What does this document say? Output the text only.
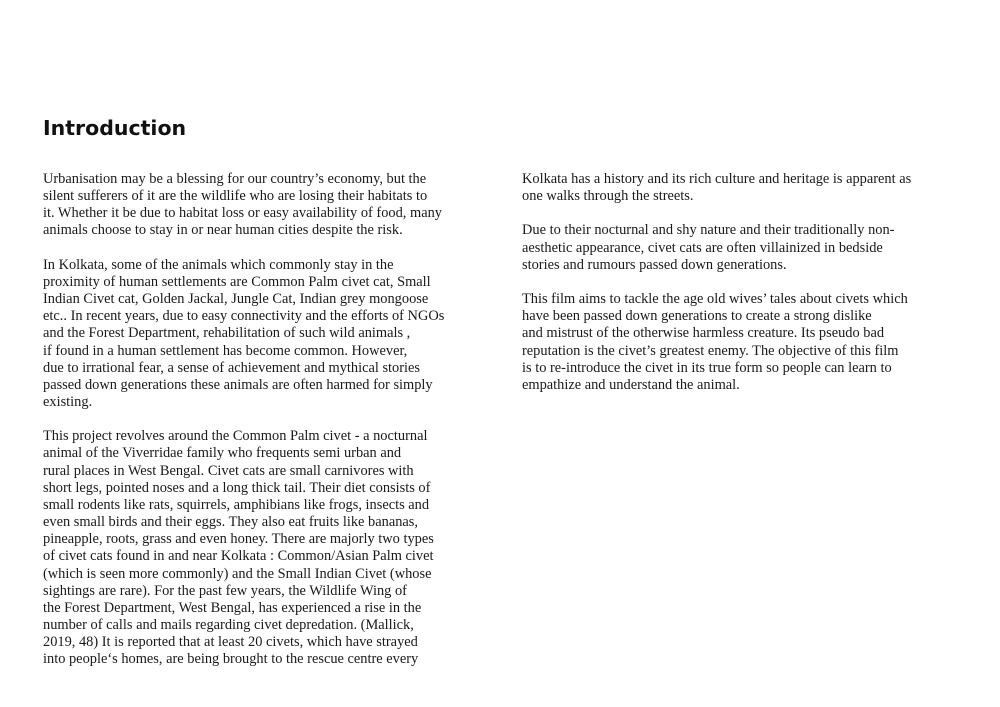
Introduction

Urbanisation may be a blessing for our country’s economy, but the
silent sufferers of it are the wildlife who are losing their habitats to
it. Whether it be due to habitat loss or easy availability of food, many
animals choose to stay in or near human cities despite the risk.

In Kolkata, some of the animals which commonly stay in the
proximity of human settlements are Common Palm civet cat, Small
Indian Civet cat, Golden Jackal, Jungle Cat, Indian grey mongoose
etc.. In recent years, due to easy connectivity and the efforts of NGOs
and the Forest Department, rehabilitation of such wild animals ,
if found in a human settlement has become common. However,
due to irrational fear, a sense of achievement and mythical stories
passed down generations these animals are often harmed for simply
existing.

This project revolves around the Common Palm civet - a nocturnal
animal of the Viverridae family who frequents semi urban and
rural places in West Bengal. Civet cats are small carnivores with
short legs, pointed noses and a long thick tail. Their diet consists of
small rodents like rats, squirrels, amphibians like frogs, insects and
even small birds and their eggs. They also eat fruits like bananas,
pineapple, roots, grass and even honey. There are majorly two types
of civet cats found in and near Kolkata : Common/Asian Palm civet
(which is seen more commonly) and the Small Indian Civet (whose
sightings are rare). For the past few years, the Wildlife Wing of
the Forest Department, West Bengal, has experienced a rise in the
number of calls and mails regarding civet depredation. (Mallick,
2019, 48) It is reported that at least 20 civets, which have strayed
into people‘s homes, are being brought to the rescue centre every

Kolkata has a history and its rich culture and heritage is apparent as
one walks through the streets.

Due to their nocturnal and shy nature and their traditionally non-
aesthetic appearance, civet cats are often villainized in bedside
stories and rumours passed down generations.

This film aims to tackle the age old wives’ tales about civets which
have been passed down generations to create a strong dislike
and mistrust of the otherwise harmless creature. Its pseudo bad
reputation is the civet’s greatest enemy. The objective of this film
is to re-introduce the civet in its true form so people can learn to
empathize and understand the animal.
